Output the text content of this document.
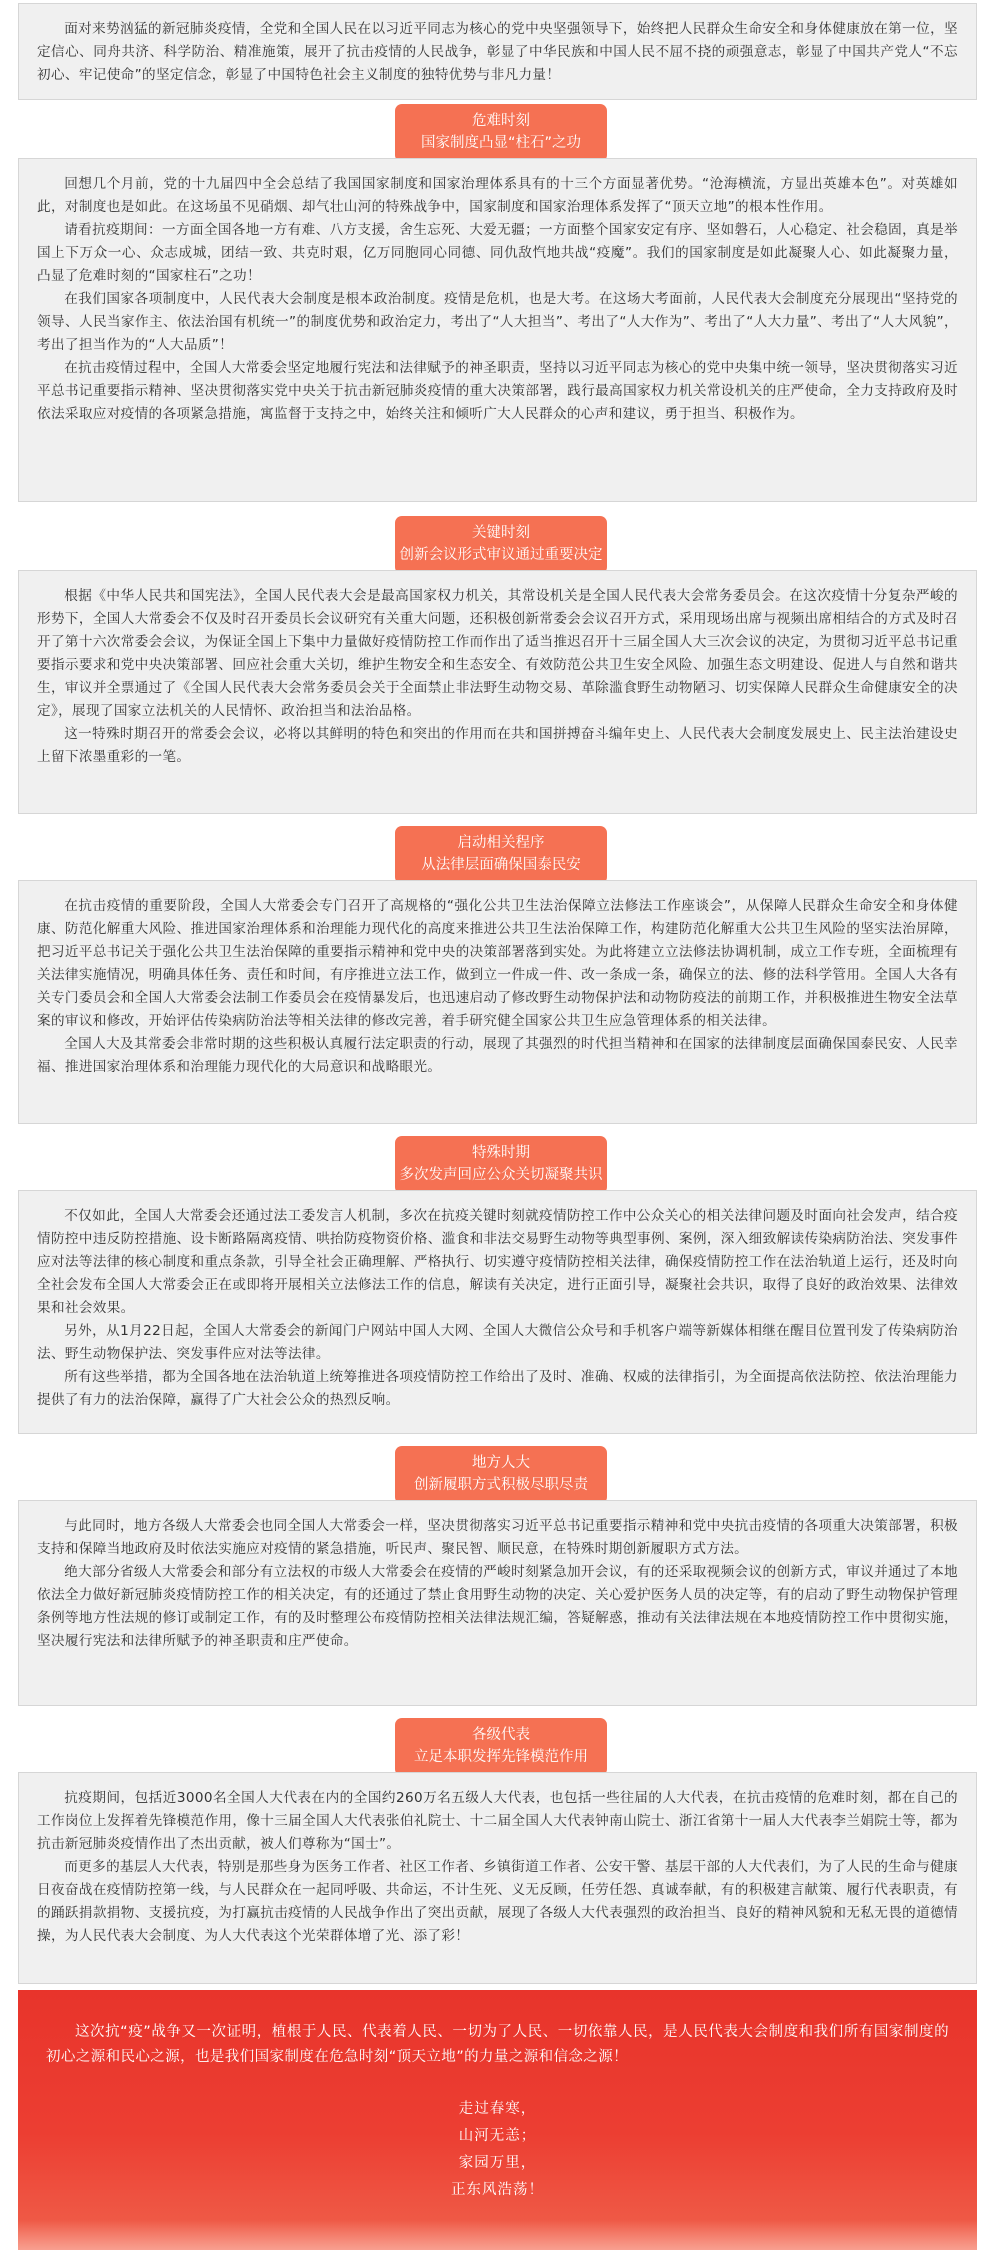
面对来势汹猛的新冠肺炎疫情，全党和全国人民在以习近平同志为核心的党中央坚强领导下，始终把人民群众生命安全和身体健康放在第一位，坚定信心、同舟共济、科学防治、精准施策，展开了抗击疫情的人民战争，彰显了中华民族和中国人民不屈不挠的顽强意志，彰显了中国共产党人“不忘初心、牢记使命”的坚定信念，彰显了中国特色社会主义制度的独特优势与非凡力量！

危难时刻
国家制度凸显“柱石”之功

回想几个月前，党的十九届四中全会总结了我国国家制度和国家治理体系具有的十三个方面显著优势。“沧海横流，方显出英雄本色”。对英雄如此，对制度也是如此。在这场虽不见硝烟、却气壮山河的特殊战争中，国家制度和国家治理体系发挥了“顶天立地”的根本性作用。

请看抗疫期间：一方面全国各地一方有难、八方支援，舍生忘死、大爱无疆；一方面整个国家安定有序、坚如磐石，人心稳定、社会稳固，真是举国上下万众一心、众志成城，团结一致、共克时艰，亿万同胞同心同德、同仇敌忾地共战“疫魔”。我们的国家制度是如此凝聚人心、如此凝聚力量，凸显了危难时刻的“国家柱石”之功！

在我们国家各项制度中，人民代表大会制度是根本政治制度。疫情是危机，也是大考。在这场大考面前，人民代表大会制度充分展现出“坚持党的领导、人民当家作主、依法治国有机统一”的制度优势和政治定力，考出了“人大担当”、考出了“人大作为”、考出了“人大力量”、考出了“人大风貌”，考出了担当作为的“人大品质”！

在抗击疫情过程中，全国人大常委会坚定地履行宪法和法律赋予的神圣职责，坚持以习近平同志为核心的党中央集中统一领导，坚决贯彻落实习近平总书记重要指示精神、坚决贯彻落实党中央关于抗击新冠肺炎疫情的重大决策部署，践行最高国家权力机关常设机关的庄严使命，全力支持政府及时依法采取应对疫情的各项紧急措施，寓监督于支持之中，始终关注和倾听广大人民群众的心声和建议，勇于担当、积极作为。

关键时刻
创新会议形式审议通过重要决定

根据《中华人民共和国宪法》，全国人民代表大会是最高国家权力机关，其常设机关是全国人民代表大会常务委员会。在这次疫情十分复杂严峻的形势下，全国人大常委会不仅及时召开委员长会议研究有关重大问题，还积极创新常委会会议召开方式，采用现场出席与视频出席相结合的方式及时召开了第十六次常委会会议，为保证全国上下集中力量做好疫情防控工作而作出了适当推迟召开十三届全国人大三次会议的决定，为贯彻习近平总书记重要指示要求和党中央决策部署、回应社会重大关切，维护生物安全和生态安全、有效防范公共卫生安全风险、加强生态文明建设、促进人与自然和谐共生，审议并全票通过了《全国人民代表大会常务委员会关于全面禁止非法野生动物交易、革除滥食野生动物陋习、切实保障人民群众生命健康安全的决定》，展现了国家立法机关的人民情怀、政治担当和法治品格。

这一特殊时期召开的常委会会议，必将以其鲜明的特色和突出的作用而在共和国拼搏奋斗编年史上、人民代表大会制度发展史上、民主法治建设史上留下浓墨重彩的一笔。

启动相关程序
从法律层面确保国泰民安

在抗击疫情的重要阶段，全国人大常委会专门召开了高规格的“强化公共卫生法治保障立法修法工作座谈会”，从保障人民群众生命安全和身体健康、防范化解重大风险、推进国家治理体系和治理能力现代化的高度来推进公共卫生法治保障工作，构建防范化解重大公共卫生风险的坚实法治屏障，把习近平总书记关于强化公共卫生法治保障的重要指示精神和党中央的决策部署落到实处。为此将建立立法修法协调机制，成立工作专班，全面梳理有关法律实施情况，明确具体任务、责任和时间，有序推进立法工作，做到立一件成一件、改一条成一条，确保立的法、修的法科学管用。全国人大各有关专门委员会和全国人大常委会法制工作委员会在疫情暴发后，也迅速启动了修改野生动物保护法和动物防疫法的前期工作，并积极推进生物安全法草案的审议和修改，开始评估传染病防治法等相关法律的修改完善，着手研究健全国家公共卫生应急管理体系的相关法律。

全国人大及其常委会非常时期的这些积极认真履行法定职责的行动，展现了其强烈的时代担当精神和在国家的法律制度层面确保国泰民安、人民幸福、推进国家治理体系和治理能力现代化的大局意识和战略眼光。

特殊时期
多次发声回应公众关切凝聚共识

不仅如此，全国人大常委会还通过法工委发言人机制，多次在抗疫关键时刻就疫情防控工作中公众关心的相关法律问题及时面向社会发声，结合疫情防控中违反防控措施、设卡断路隔离疫情、哄抬防疫物资价格、滥食和非法交易野生动物等典型事例、案例，深入细致解读传染病防治法、突发事件应对法等法律的核心制度和重点条款，引导全社会正确理解、严格执行、切实遵守疫情防控相关法律，确保疫情防控工作在法治轨道上运行，还及时向全社会发布全国人大常委会正在或即将开展相关立法修法工作的信息，解读有关决定，进行正面引导，凝聚社会共识，取得了良好的政治效果、法律效果和社会效果。

另外，从1月22日起，全国人大常委会的新闻门户网站中国人大网、全国人大微信公众号和手机客户端等新媒体相继在醒目位置刊发了传染病防治法、野生动物保护法、突发事件应对法等法律。

所有这些举措，都为全国各地在法治轨道上统筹推进各项疫情防控工作给出了及时、准确、权威的法律指引，为全面提高依法防控、依法治理能力提供了有力的法治保障，赢得了广大社会公众的热烈反响。

地方人大
创新履职方式积极尽职尽责

与此同时，地方各级人大常委会也同全国人大常委会一样，坚决贯彻落实习近平总书记重要指示精神和党中央抗击疫情的各项重大决策部署，积极支持和保障当地政府及时依法实施应对疫情的紧急措施，听民声、聚民智、顺民意，在特殊时期创新履职方式方法。

绝大部分省级人大常委会和部分有立法权的市级人大常委会在疫情的严峻时刻紧急加开会议，有的还采取视频会议的创新方式，审议并通过了本地依法全力做好新冠肺炎疫情防控工作的相关决定，有的还通过了禁止食用野生动物的决定、关心爱护医务人员的决定等，有的启动了野生动物保护管理条例等地方性法规的修订或制定工作，有的及时整理公布疫情防控相关法律法规汇编，答疑解惑，推动有关法律法规在本地疫情防控工作中贯彻实施，坚决履行宪法和法律所赋予的神圣职责和庄严使命。

各级代表
立足本职发挥先锋模范作用

抗疫期间，包括近3000名全国人大代表在内的全国约260万名五级人大代表，也包括一些往届的人大代表，在抗击疫情的危难时刻，都在自己的工作岗位上发挥着先锋模范作用，像十三届全国人大代表张伯礼院士、十二届全国人大代表钟南山院士、浙江省第十一届人大代表李兰娟院士等，都为抗击新冠肺炎疫情作出了杰出贡献，被人们尊称为“国士”。

而更多的基层人大代表，特别是那些身为医务工作者、社区工作者、乡镇街道工作者、公安干警、基层干部的人大代表们，为了人民的生命与健康日夜奋战在疫情防控第一线，与人民群众在一起同呼吸、共命运，不计生死、义无反顾，任劳任怨、真诚奉献，有的积极建言献策、履行代表职责，有的踊跃捐款捐物、支援抗疫，为打赢抗击疫情的人民战争作出了突出贡献，展现了各级人大代表强烈的政治担当、良好的精神风貌和无私无畏的道德情操，为人民代表大会制度、为人大代表这个光荣群体增了光、添了彩！

这次抗“疫”战争又一次证明，植根于人民、代表着人民、一切为了人民、一切依靠人民，是人民代表大会制度和我们所有国家制度的初心之源和民心之源，也是我们国家制度在危急时刻“顶天立地”的力量之源和信念之源！

走过春寒，
山河无恙；
家园万里，
正东风浩荡！
